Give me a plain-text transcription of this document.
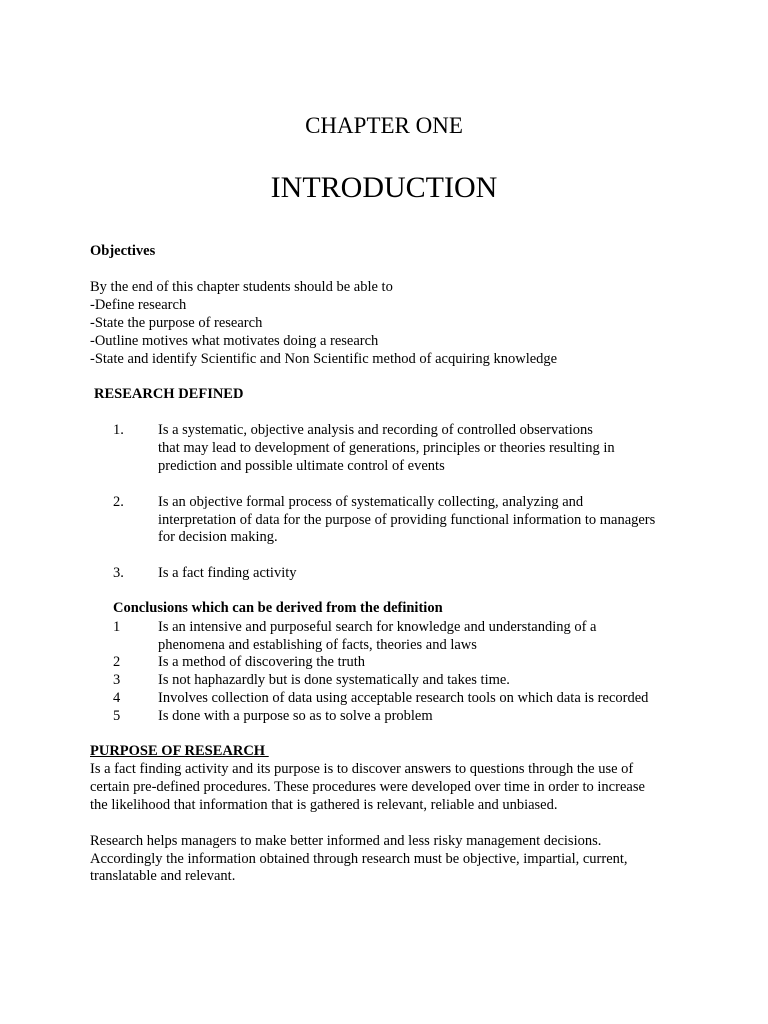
CHAPTER ONE
INTRODUCTION
Objectives
By the end of this chapter students should be able to
-Define research
-State the purpose of research
-Outline motives what motivates doing a research
-State and identify Scientific and Non Scientific method of acquiring knowledge
RESEARCH DEFINED
1. Is a systematic, objective analysis and recording of controlled observations
that may lead to development of generations, principles or theories resulting in
prediction and possible ultimate control of events
2. Is an objective formal process of systematically collecting, analyzing and
interpretation of data for the purpose of providing functional information to managers
for decision making.
3. Is a fact finding activity
Conclusions which can be derived from the definition
1	Is an intensive and purposeful search for knowledge and understanding of a
phenomena and establishing of facts, theories and laws
2	Is a method of discovering the truth
3	Is not haphazardly but is done systematically and takes time.
4	Involves collection of data using acceptable research tools on which data is recorded
5	Is done with a purpose so as to solve a problem
PURPOSE OF RESEARCH
Is a fact finding activity and its purpose is to discover answers to questions through the use of
certain pre-defined procedures. These procedures were developed over time in order to increase
the likelihood that information that is gathered is relevant, reliable and unbiased.
Research helps managers to make better informed and less risky management decisions.
Accordingly the information obtained through research must be objective, impartial, current,
translatable and relevant.
